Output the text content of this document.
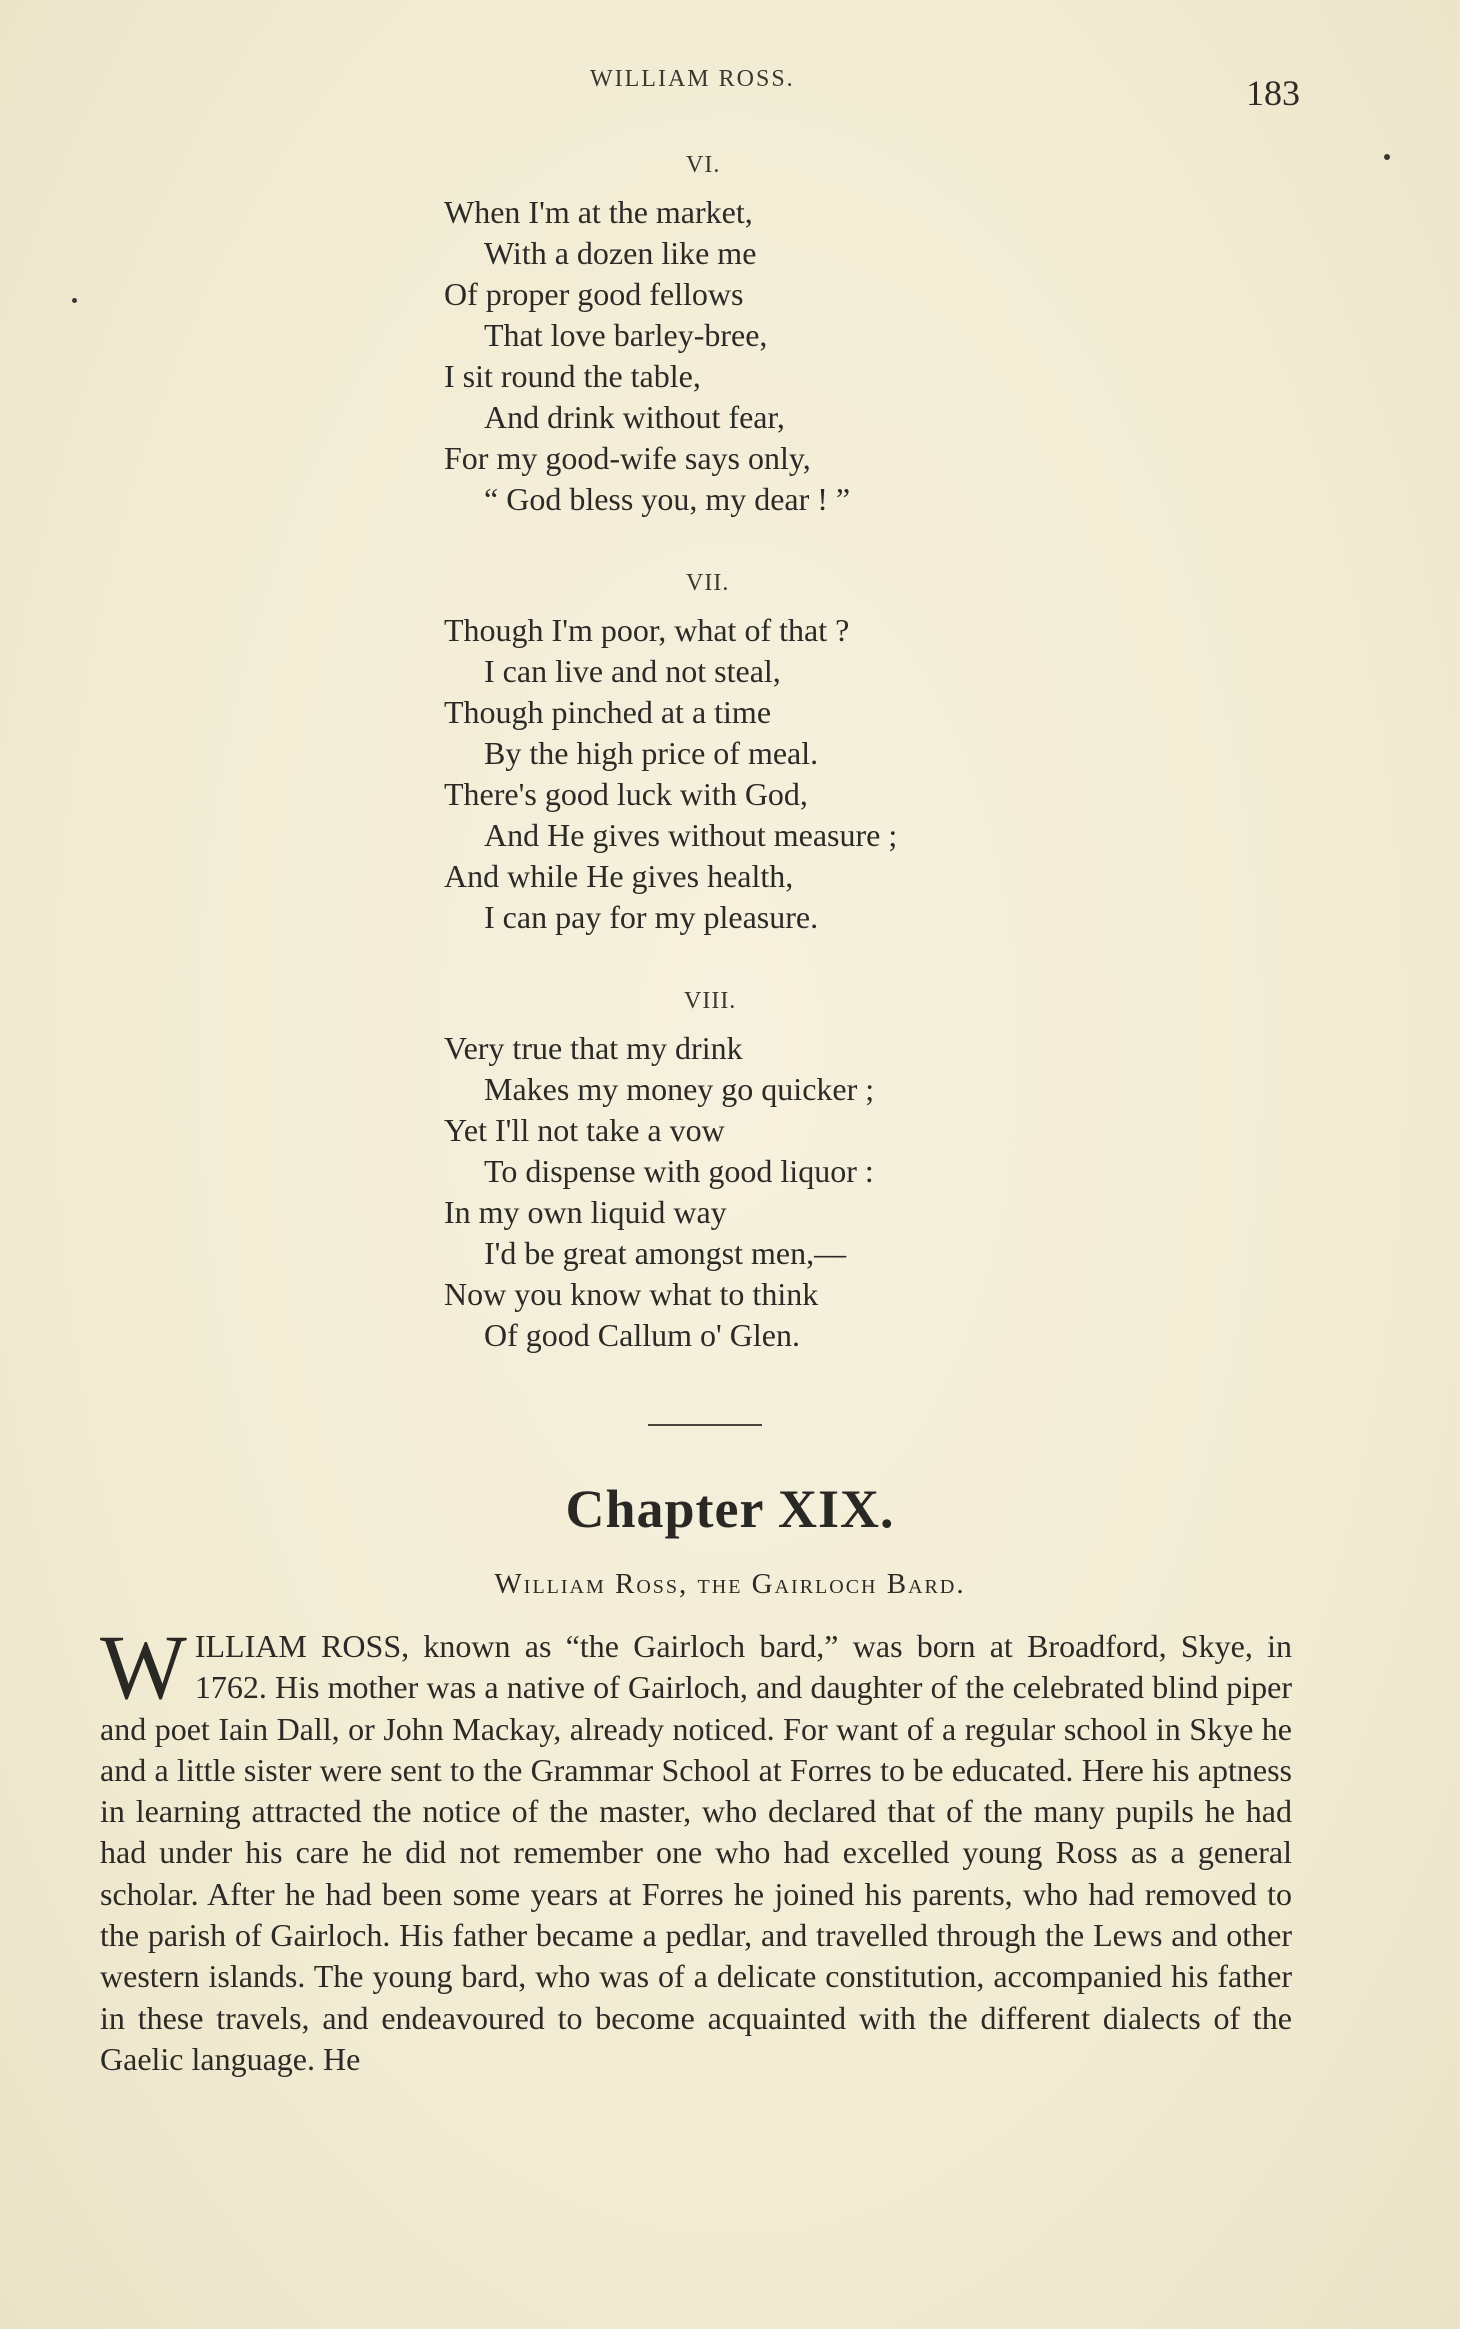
WILLIAM ROSS.	183
VI.
When I'm at the market,
With a dozen like me
Of proper good fellows
That love barley-bree,
I sit round the table,
And drink without fear,
For my good-wife says only,
“ God bless you, my dear ! ”
VII.
Though I'm poor, what of that ?
I can live and not steal,
Though pinched at a time
By the high price of meal.
There's good luck with God,
And He gives without measure ;
And while He gives health,
I can pay for my pleasure.
VIII.
Very true that my drink
Makes my money go quicker ;
Yet I'll not take a vow
To dispense with good liquor :
In my own liquid way
I'd be great amongst men,—
Now you know what to think
Of good Callum o' Glen.
Chapter XIX.
William Ross, the Gairloch Bard.
WILLIAM ROSS, known as “the Gairloch bard,” was born at Broadford, Skye, in 1762. His mother was a native of Gairloch, and daughter of the celebrated blind piper and poet Iain Dall, or John Mackay, already noticed. For want of a regular school in Skye he and a little sister were sent to the Grammar School at Forres to be educated. Here his aptness in learning attracted the notice of the master, who declared that of the many pupils he had had under his care he did not remember one who had excelled young Ross as a general scholar. After he had been some years at Forres he joined his parents, who had removed to the parish of Gairloch. His father became a pedlar, and travelled through the Lews and other western islands. The young bard, who was of a delicate constitution, accompanied his father in these travels, and endeavoured to become acquainted with the different dialects of the Gaelic language. He
